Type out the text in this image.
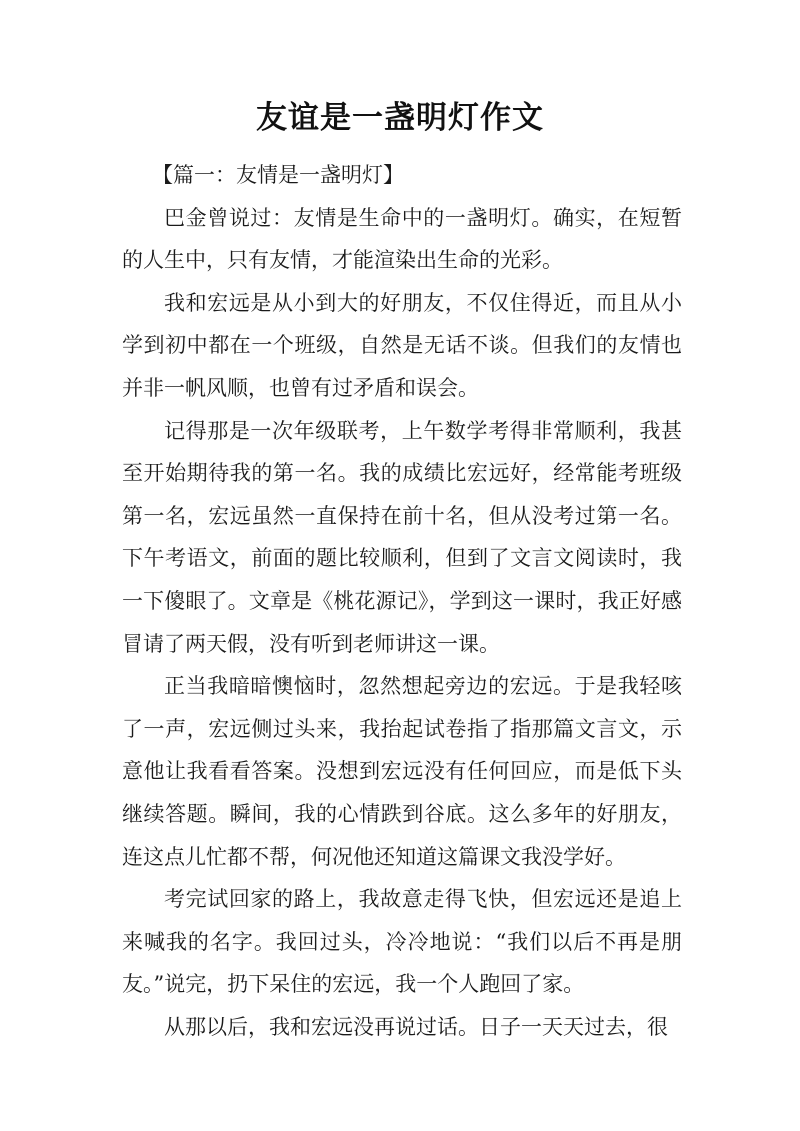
友谊是一盏明灯作文

【篇一：友情是一盏明灯】

巴金曾说过：友情是生命中的一盏明灯。确实，在短暂的人生中，只有友情，才能渲染出生命的光彩。

我和宏远是从小到大的好朋友，不仅住得近，而且从小学到初中都在一个班级，自然是无话不谈。但我们的友情也并非一帆风顺，也曾有过矛盾和误会。

记得那是一次年级联考，上午数学考得非常顺利，我甚至开始期待我的第一名。我的成绩比宏远好，经常能考班级第一名，宏远虽然一直保持在前十名，但从没考过第一名。下午考语文，前面的题比较顺利，但到了文言文阅读时，我一下傻眼了。文章是《桃花源记》，学到这一课时，我正好感冒请了两天假，没有听到老师讲这一课。

正当我暗暗懊恼时，忽然想起旁边的宏远。于是我轻咳了一声，宏远侧过头来，我抬起试卷指了指那篇文言文，示意他让我看看答案。没想到宏远没有任何回应，而是低下头继续答题。瞬间，我的心情跌到谷底。这么多年的好朋友，连这点儿忙都不帮，何况他还知道这篇课文我没学好。

考完试回家的路上，我故意走得飞快，但宏远还是追上来喊我的名字。我回过头，冷冷地说：“我们以后不再是朋友。”说完，扔下呆住的宏远，我一个人跑回了家。

从那以后，我和宏远没再说过话。日子一天天过去，很
